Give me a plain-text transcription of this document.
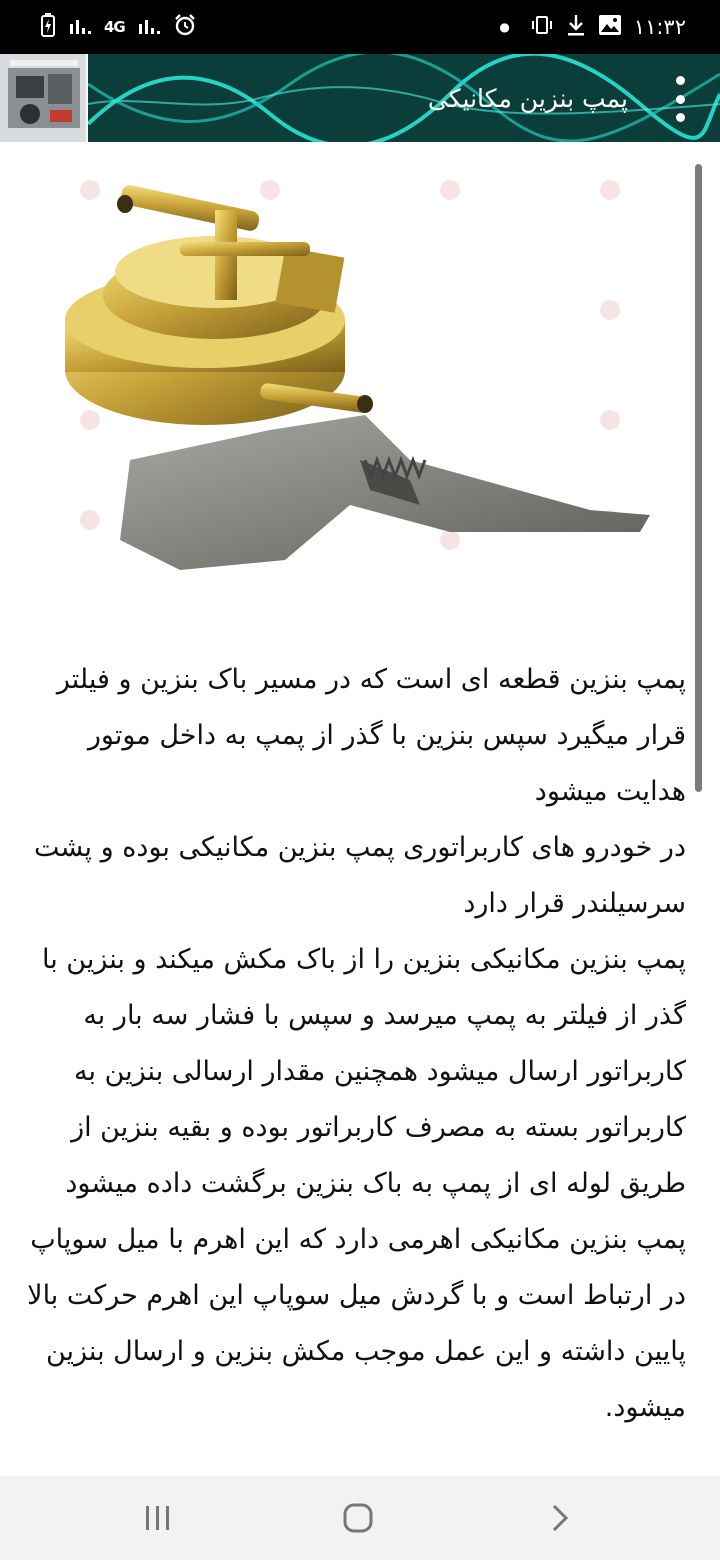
4G	●	۱۱:۳۲
پمپ بنزین مکانیکی

پمپ بنزین قطعه ای است که در مسیر باک بنزین و فیلتر قرار میگیرد سپس بنزین با گذر از پمپ به داخل موتور هدایت میشود

در خودرو های کاربراتوری پمپ بنزین مکانیکی بوده و پشت سرسیلندر قرار دارد

پمپ بنزین مکانیکی بنزین را از باک مکش میکند و بنزین با گذر از فیلتر به پمپ میرسد و سپس با فشار سه بار به کاربراتور ارسال میشود همچنین مقدار ارسالی بنزین به کاربراتور بسته به مصرف کاربراتور بوده و بقیه بنزین از طریق لوله ای از پمپ به باک بنزین برگشت داده میشود

پمپ بنزین مکانیکی اهرمی دارد که این اهرم با میل سوپاپ در ارتباط است و با گردش میل سوپاپ این اهرم حرکت بالا پایین داشته و این عمل موجب مکش بنزین و ارسال بنزین میشود.
